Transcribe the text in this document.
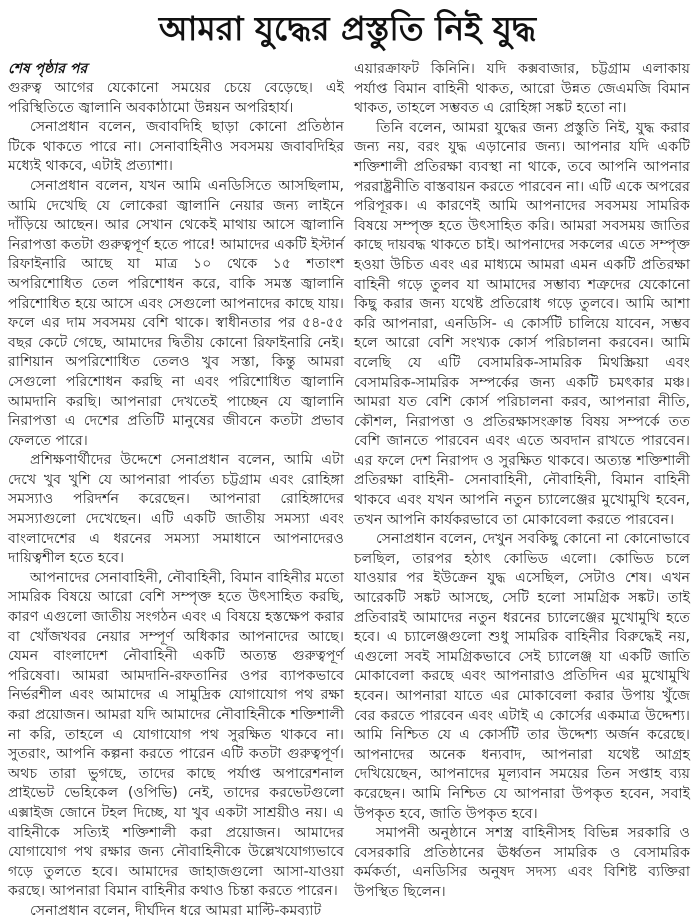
আমরা যুদ্ধের প্রস্তুতি নিই যুদ্ধ
শেষ পৃষ্ঠার পর

গুরুত্ব আগের যেকোনো সময়ের চেয়ে বেড়েছে। এই পরিস্থিতিতে জ্বালানি অবকাঠামো উন্নয়ন অপরিহার্য।

সেনাপ্রধান বলেন, জবাবদিহি ছাড়া কোনো প্রতিষ্ঠান টিকে থাকতে পারে না। সেনাবাহিনীও সবসময় জবাবদিহির মধ্যেই থাকবে, এটাই প্রত্যাশা।

সেনাপ্রধান বলেন, যখন আমি এনডিসিতে আসছিলাম, আমি দেখেছি যে লোকেরা জ্বালানি নেয়ার জন্য লাইনে দাঁড়িয়ে আছেন। আর সেখান থেকেই মাথায় আসে জ্বালানি নিরাপত্তা কতটা গুরুত্বপূর্ণ হতে পারে! আমাদের একটি ইস্টার্ন রিফাইনারি আছে যা মাত্র ১০ থেকে ১৫ শতাংশ অপরিশোধিত তেল পরিশোধন করে, বাকি সমস্ত জ্বালানি পরিশোধিত হয়ে আসে এবং সেগুলো আপনাদের কাছে যায়। ফলে এর দাম সবসময় বেশি থাকে। স্বাধীনতার পর ৫৪-৫৫ বছর কেটে গেছে, আমাদের দ্বিতীয় কোনো রিফাইনারি নেই। রাশিয়ান অপরিশোধিত তেলও খুব সস্তা, কিন্তু আমরা সেগুলো পরিশোধন করছি না এবং পরিশোধিত জ্বালানি আমদানি করছি। আপনারা দেখতেই পাচ্ছেন যে জ্বালানি নিরাপত্তা এ দেশের প্রতিটি মানুষের জীবনে কতটা প্রভাব ফেলতে পারে।

প্রশিক্ষণার্থীদের উদ্দেশে সেনাপ্রধান বলেন, আমি এটা দেখে খুব খুশি যে আপনারা পার্বত্য চট্টগ্রাম এবং রোহিঙ্গা সমস্যাও পরিদর্শন করেছেন। আপনারা রোহিঙ্গাদের সমস্যাগুলো দেখেছেন। এটি একটি জাতীয় সমস্যা এবং বাংলাদেশের এ ধরনের সমস্যা সমাধানে আপনাদেরও দায়িত্বশীল হতে হবে।

আপনাদের সেনাবাহিনী, নৌবাহিনী, বিমান বাহিনীর মতো সামরিক বিষয়ে আরো বেশি সম্পৃক্ত হতে উৎসাহিত করছি, কারণ এগুলো জাতীয় সংগঠন এবং এ বিষয়ে হস্তক্ষেপ করার বা খোঁজখবর নেয়ার সম্পূর্ণ অধিকার আপনাদের আছে। যেমন বাংলাদেশ নৌবাহিনী একটি অত্যন্ত গুরুত্বপূর্ণ পরিষেবা। আমরা আমদানি-রফতানির ওপর ব্যাপকভাবে নির্ভরশীল এবং আমাদের এ সামুদ্রিক যোগাযোগ পথ রক্ষা করা প্রয়োজন। আমরা যদি আমাদের নৌবাহিনীকে শক্তিশালী না করি, তাহলে এ যোগাযোগ পথ সুরক্ষিত থাকবে না। সুতরাং, আপনি কল্পনা করতে পারেন এটি কতটা গুরুত্বপূর্ণ। অথচ তারা ভুগছে, তাদের কাছে পর্যাপ্ত অপারেশনাল প্রাইভেট ভেহিকেল (ওপিভি) নেই, তাদের করভেটগুলো এক্সাইজ জোনে টহল দিচ্ছে, যা খুব একটা সাশ্রয়ীও নয়। এ বাহিনীকে সত্যিই শক্তিশালী করা প্রয়োজন। আমাদের যোগাযোগ পথ রক্ষার জন্য নৌবাহিনীকে উল্লেখযোগ্যভাবে গড়ে তুলতে হবে। আমাদের জাহাজগুলো আসা-যাওয়া করছে। আপনারা বিমান বাহিনীর কথাও চিন্তা করতে পারেন।

সেনাপ্রধান বলেন, দীর্ঘদিন ধরে আমরা মাল্টি-কমব্যাট

এয়ারক্রাফট কিনিনি। যদি কক্সবাজার, চট্টগ্রাম এলাকায় পর্যাপ্ত বিমান বাহিনী থাকত, আরো উন্নত জেএমজি বিমান থাকত, তাহলে সম্ভবত এ রোহিঙ্গা সঙ্কট হতো না।

তিনি বলেন, আমরা যুদ্ধের জন্য প্রস্তুতি নিই, যুদ্ধ করার জন্য নয়, বরং যুদ্ধ এড়ানোর জন্য। আপনার যদি একটি শক্তিশালী প্রতিরক্ষা ব্যবস্থা না থাকে, তবে আপনি আপনার পররাষ্ট্রনীতি বাস্তবায়ন করতে পারবেন না। এটি একে অপরের পরিপূরক। এ কারণেই আমি আপনাদের সবসময় সামরিক বিষয়ে সম্পৃক্ত হতে উৎসাহিত করি। আমরা সবসময় জাতির কাছে দায়বদ্ধ থাকতে চাই। আপনাদের সকলের এতে সম্পৃক্ত হওয়া উচিত এবং এর মাধ্যমে আমরা এমন একটি প্রতিরক্ষা বাহিনী গড়ে তুলব যা আমাদের সম্ভাব্য শত্রুদের যেকোনো কিছু করার জন্য যথেষ্ট প্রতিরোধ গড়ে তুলবে। আমি আশা করি আপনারা, এনডিসি- এ কোর্সটি চালিয়ে যাবেন, সম্ভব হলে আরো বেশি সংখ্যক কোর্স পরিচালনা করবেন। আমি বলেছি যে এটি বেসামরিক-সামরিক মিথস্ক্রিয়া এবং বেসামরিক-সামরিক সম্পর্কের জন্য একটি চমৎকার মঞ্চ। আমরা যত বেশি কোর্স পরিচালনা করব, আপনারা নীতি, কৌশল, নিরাপত্তা ও প্রতিরক্ষাসংক্রান্ত বিষয় সম্পর্কে তত বেশি জানতে পারবেন এবং এতে অবদান রাখতে পারবেন। এর ফলে দেশ নিরাপদ ও সুরক্ষিত থাকবে। অত্যন্ত শক্তিশালী প্রতিরক্ষা বাহিনী- সেনাবাহিনী, নৌবাহিনী, বিমান বাহিনী থাকবে এবং যখন আপনি নতুন চ্যালেঞ্জের মুখোমুখি হবেন, তখন আপনি কার্যকরভাবে তা মোকাবেলা করতে পারবেন।

সেনাপ্রধান বলেন, দেখুন সবকিছু কোনো না কোনোভাবে চলছিল, তারপর হঠাৎ কোভিড এলো। কোভিড চলে যাওয়ার পর ইউক্রেন যুদ্ধ এসেছিল, সেটাও শেষ। এখন আরেকটি সঙ্কট আসছে, সেটি হলো সামগ্রিক সঙ্কট। তাই প্রতিবারই আমাদের নতুন ধরনের চ্যালেঞ্জের মুখোমুখি হতে হবে। এ চ্যালেঞ্জগুলো শুধু সামরিক বাহিনীর বিরুদ্ধেই নয়, এগুলো সবই সামগ্রিকভাবে সেই চ্যালেঞ্জ যা একটি জাতি মোকাবেলা করছে এবং আপনারাও প্রতিদিন এর মুখোমুখি হবেন। আপনারা যাতে এর মোকাবেলা করার উপায় খুঁজে বের করতে পারবেন এবং এটাই এ কোর্সের একমাত্র উদ্দেশ্য। আমি নিশ্চিত যে এ কোর্সটি তার উদ্দেশ্য অর্জন করেছে। আপনাদের অনেক ধন্যবাদ, আপনারা যথেষ্ট আগ্রহ দেখিয়েছেন, আপনাদের মূল্যবান সময়ের তিন সপ্তাহ ব্যয় করেছেন। আমি নিশ্চিত যে আপনারা উপকৃত হবেন, সবাই উপকৃত হবে, জাতি উপকৃত হবে।

সমাপনী অনুষ্ঠানে সশস্ত্র বাহিনীসহ বিভিন্ন সরকারি ও বেসরকারি প্রতিষ্ঠানের ঊর্ধ্বতন সামরিক ও বেসামরিক কর্মকর্তা, এনডিসির অনুষদ সদস্য এবং বিশিষ্ট ব্যক্তিরা উপস্থিত ছিলেন।
